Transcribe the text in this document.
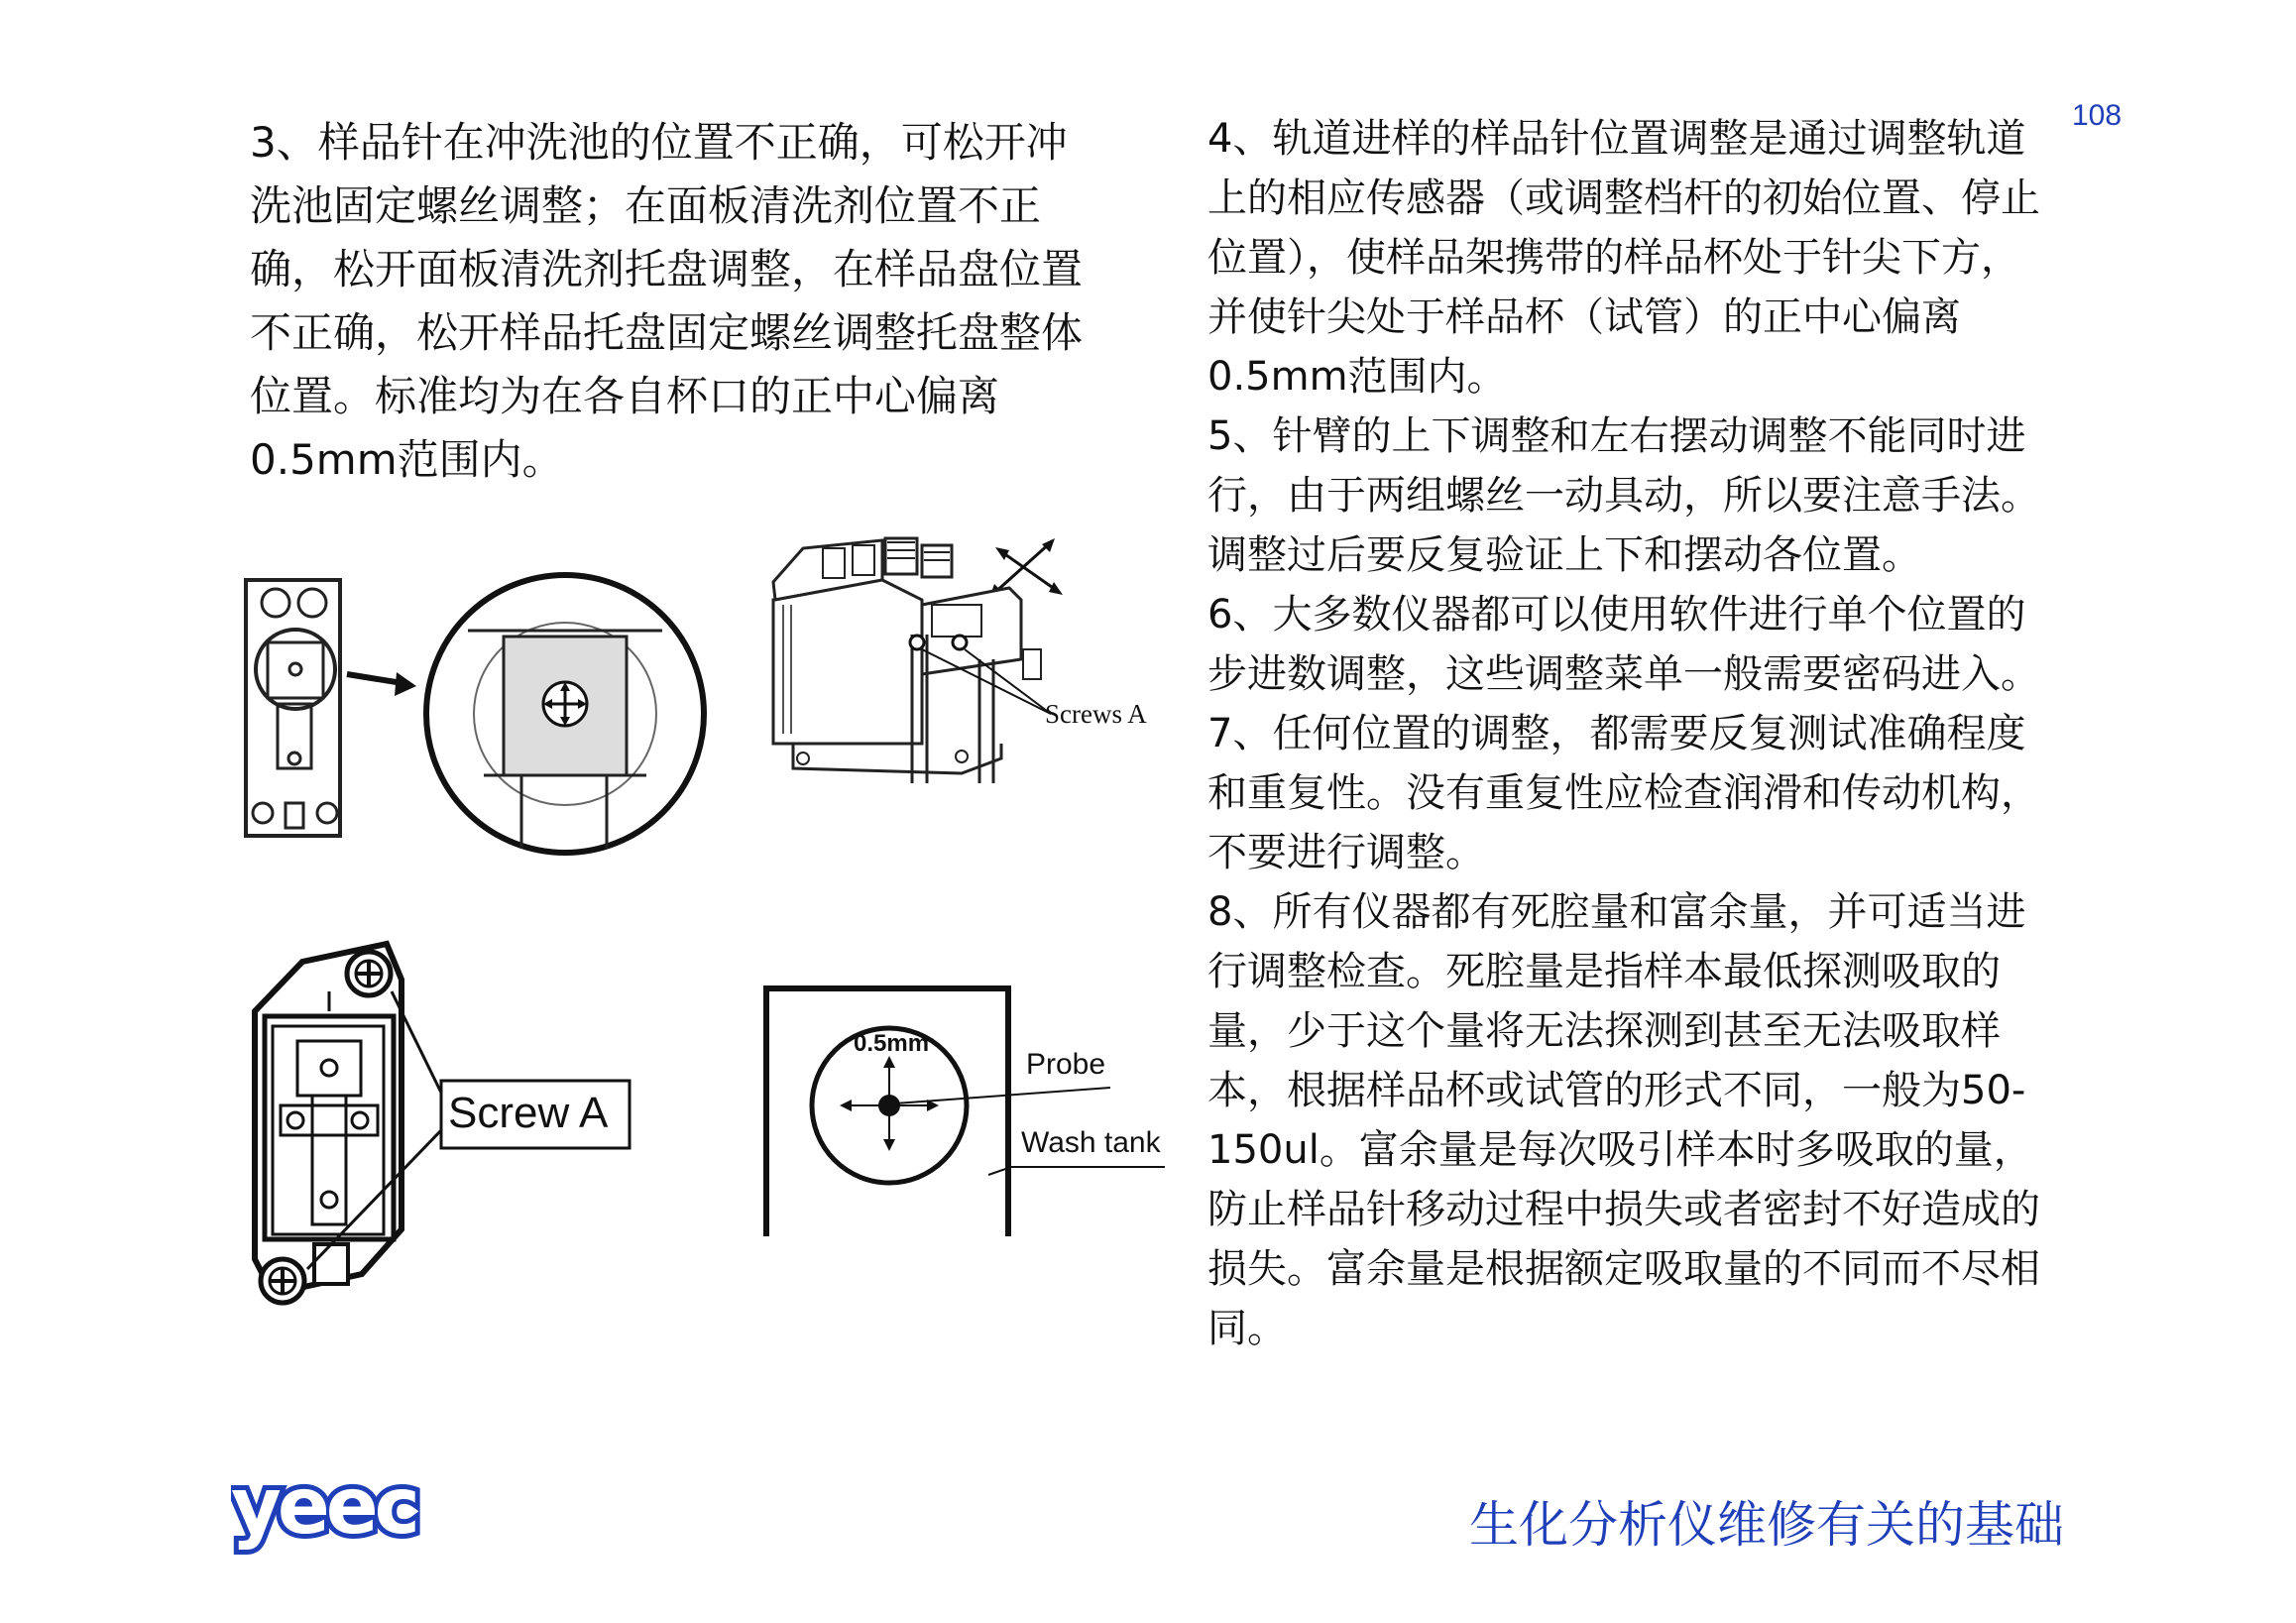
108

3、样品针在冲洗池的位置不正确，可松开冲洗池固定螺丝调整；在面板清洗剂位置不正确，松开面板清洗剂托盘调整，在样品盘位置不正确，松开样品托盘固定螺丝调整托盘整体位置。标准均为在各自杯口的正中心偏离0.5mm范围内。

4、轨道进样的样品针位置调整是通过调整轨道上的相应传感器（或调整档杆的初始位置、停止位置），使样品架携带的样品杯处于针尖下方，并使针尖处于样品杯（试管）的正中心偏离0.5mm范围内。

5、针臂的上下调整和左右摆动调整不能同时进行，由于两组螺丝一动具动，所以要注意手法。调整过后要反复验证上下和摆动各位置。

6、大多数仪器都可以使用软件进行单个位置的步进数调整，这些调整菜单一般需要密码进入。

7、任何位置的调整，都需要反复测试准确程度和重复性。没有重复性应检查润滑和传动机构，不要进行调整。

8、所有仪器都有死腔量和富余量，并可适当进行调整检查。死腔量是指样本最低探测吸取的量，少于这个量将无法探测到甚至无法吸取样本，根据样品杯或试管的形式不同，一般为50-150ul。富余量是每次吸引样本时多吸取的量，防止样品针移动过程中损失或者密封不好造成的损失。富余量是根据额定吸取量的不同而不尽相同。

Screws A
Screw A
0.5mm
Probe
Wash tank
yeec	生化分析仪维修有关的基础
